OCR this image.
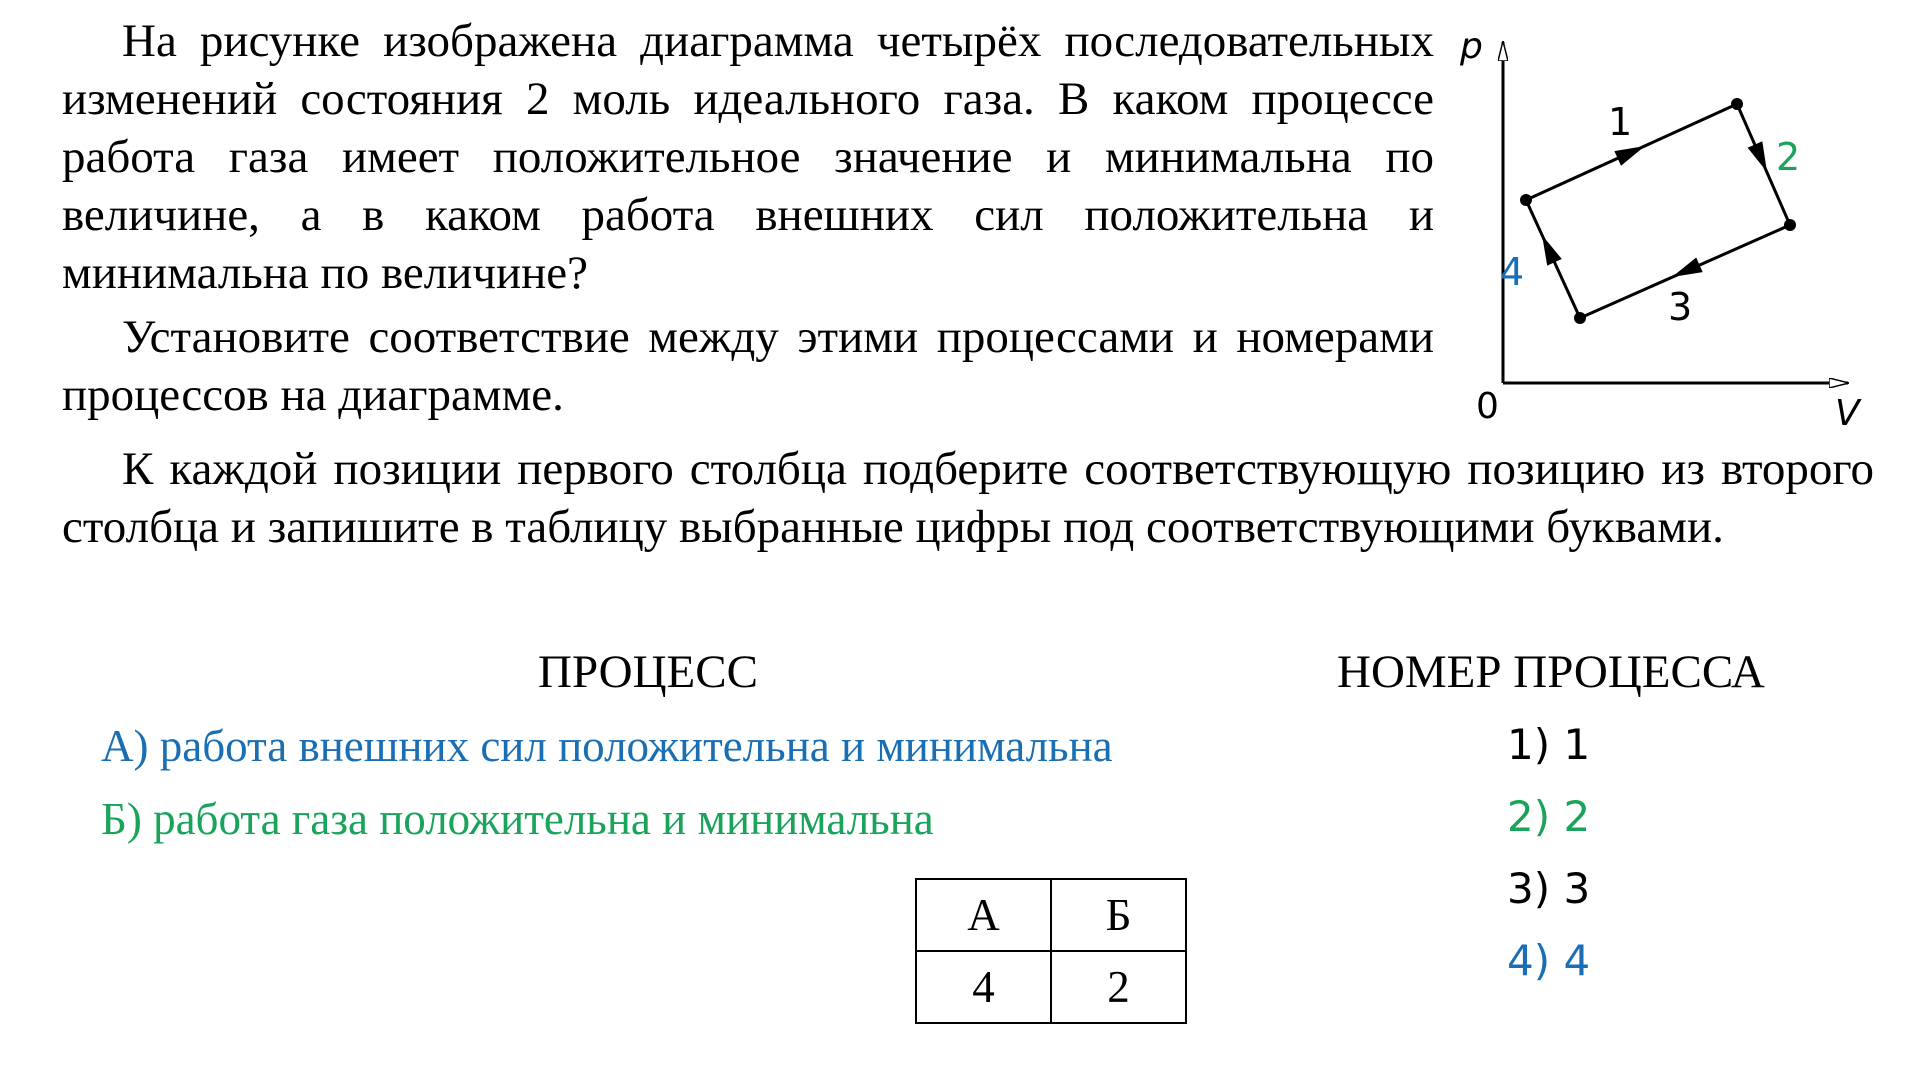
На рисунке изображена диаграмма четырёх последовательных изменений состояния 2 моль идеального газа. В каком процессе работа газа имеет положительное значение и минимальна по величине, а в каком работа внешних сил положительна и минимальна по величине?

Установите соответствие между этими процессами и номерами процессов на диаграмме.

К каждой позиции первого столбца подберите соответствующую позицию из второго столбца и запишите в таблицу выбранные цифры под соответствующими буквами.

ПРОЦЕСС	НОМЕР ПРОЦЕССА
А) работа внешних сил положительна и минимальна
Б) работа газа положительна и минимальна
1) 1
2) 2
3) 3
4) 4
А	Б
4	2
p
V
0
1
2
3
4
